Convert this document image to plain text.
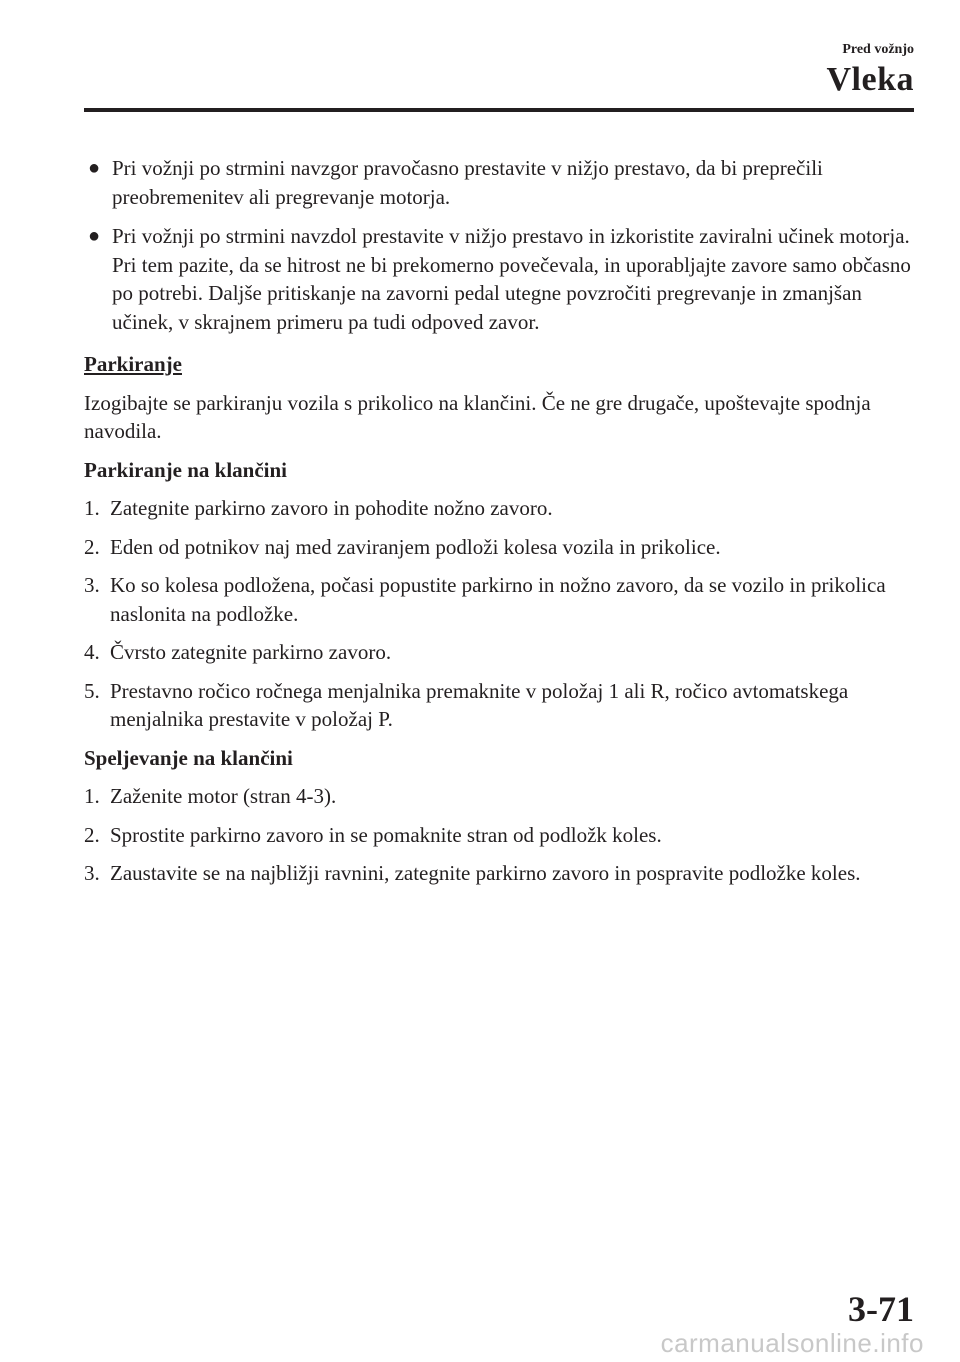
Pred vožnjo
Vleka
● Pri vožnji po strmini navzgor pravočasno prestavite v nižjo prestavo, da bi preprečili preobremenitev ali pregrevanje motorja.
● Pri vožnji po strmini navzdol prestavite v nižjo prestavo in izkoristite zaviralni učinek motorja. Pri tem pazite, da se hitrost ne bi prekomerno povečevala, in uporabljajte zavore samo občasno po potrebi. Daljše pritiskanje na zavorni pedal utegne povzročiti pregrevanje in zmanjšan učinek, v skrajnem primeru pa tudi odpoved zavor.
Parkiranje

Izogibajte se parkiranju vozila s prikolico na klančini. Če ne gre drugače, upoštevajte spodnja navodila.

Parkiranje na klančini
1. Zategnite parkirno zavoro in pohodite nožno zavoro.
2. Eden od potnikov naj med zaviranjem podloži kolesa vozila in prikolice.
3. Ko so kolesa podložena, počasi popustite parkirno in nožno zavoro, da se vozilo in prikolica naslonita na podložke.
4. Čvrsto zategnite parkirno zavoro.
5. Prestavno ročico ročnega menjalnika premaknite v položaj 1 ali R, ročico avtomatskega menjalnika prestavite v položaj P.
Speljevanje na klančini
1. Zaženite motor (stran 4-3).
2. Sprostite parkirno zavoro in se pomaknite stran od podložk koles.
3. Zaustavite se na najbližji ravnini, zategnite parkirno zavoro in pospravite podložke koles.
3-71
carmanualsonline.info
